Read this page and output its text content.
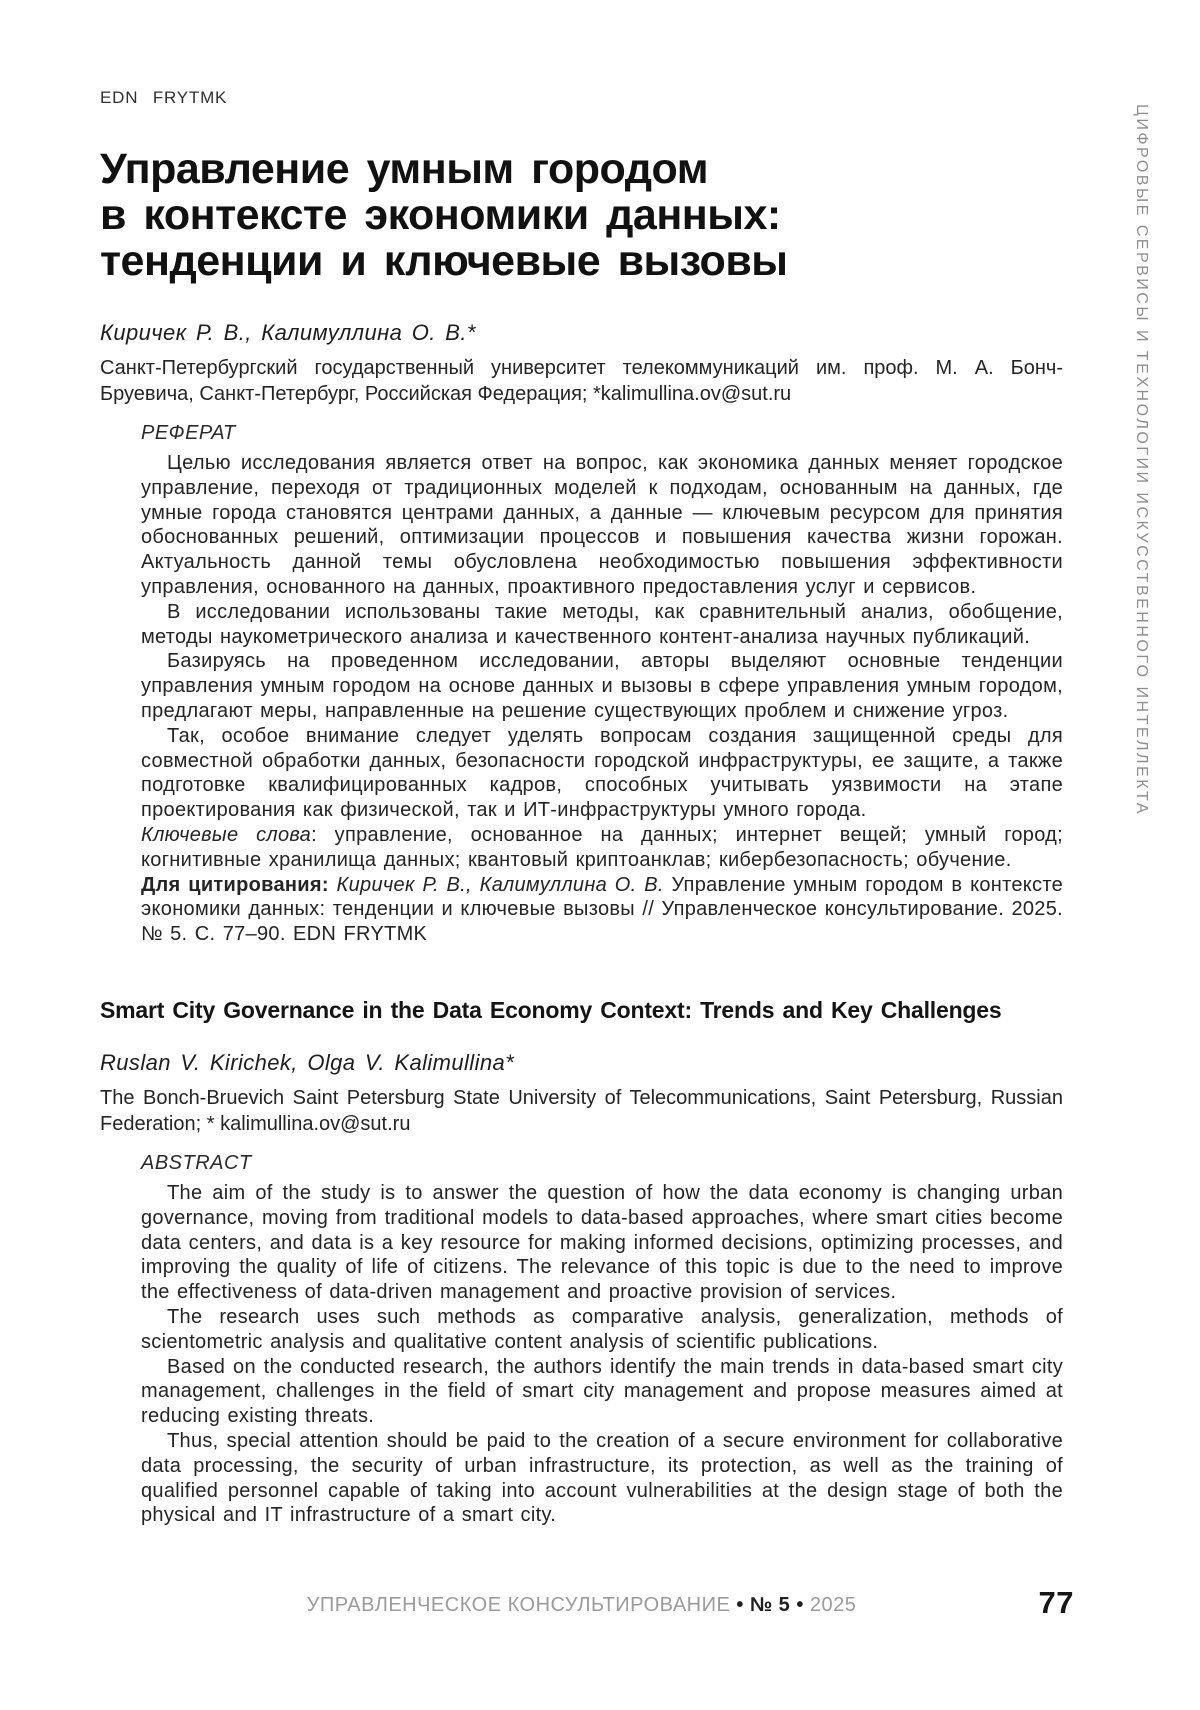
EDN FRYTMK
Управление умным городом
в контексте экономики данных:
тенденции и ключевые вызовы
Киричек Р. В., Калимуллина О. В.*

Санкт-Петербургский государственный университет телекоммуникаций им. проф. М. А. Бонч-Бруевича, Санкт-Петербург, Российская Федерация; *kalimullina.ov@sut.ru

РЕФЕРАТ

Целью исследования является ответ на вопрос, как экономика данных меняет городское управление, переходя от традиционных моделей к подходам, основанным на данных, где умные города становятся центрами данных, а данные — ключевым ресурсом для принятия обоснованных решений, оптимизации процессов и повышения качества жизни горожан. Актуальность данной темы обусловлена необходимостью повышения эффективности управления, основанного на данных, проактивного предоставления услуг и сервисов.

В исследовании использованы такие методы, как сравнительный анализ, обобщение, методы наукометрического анализа и качественного контент-анализа научных публикаций.

Базируясь на проведенном исследовании, авторы выделяют основные тенденции управления умным городом на основе данных и вызовы в сфере управления умным городом, предлагают меры, направленные на решение существующих проблем и снижение угроз.

Так, особое внимание следует уделять вопросам создания защищенной среды для совместной обработки данных, безопасности городской инфраструктуры, ее защите, а также подготовке квалифицированных кадров, способных учитывать уязвимости на этапе проектирования как физической, так и ИТ-инфраструктуры умного города.

Ключевые слова: управление, основанное на данных; интернет вещей; умный город; когнитивные хранилища данных; квантовый криптоанклав; кибербезопасность; обучение.

Для цитирования: Киричек Р. В., Калимуллина О. В. Управление умным городом в контексте экономики данных: тенденции и ключевые вызовы // Управленческое консультирование. 2025. № 5. С. 77–90. EDN FRYTMK

Smart City Governance in the Data Economy Context: Trends and Key Challenges
Ruslan V. Kirichek, Olga V. Kalimullina*

The Bonch-Bruevich Saint Petersburg State University of Telecommunications, Saint Petersburg, Russian Federation; * kalimullina.ov@sut.ru

ABSTRACT

The aim of the study is to answer the question of how the data economy is changing urban governance, moving from traditional models to data-based approaches, where smart cities become data centers, and data is a key resource for making informed decisions, optimizing processes, and improving the quality of life of citizens. The relevance of this topic is due to the need to improve the effectiveness of data-driven management and proactive provision of services.

The research uses such methods as comparative analysis, generalization, methods of scientometric analysis and qualitative content analysis of scientific publications.

Based on the conducted research, the authors identify the main trends in data-based smart city management, challenges in the field of smart city management and propose measures aimed at reducing existing threats.

Thus, special attention should be paid to the creation of a secure environment for collaborative data processing, the security of urban infrastructure, its protection, as well as the training of qualified personnel capable of taking into account vulnerabilities at the design stage of both the physical and IT infrastructure of a smart city.

ЦИФРОВЫЕ СЕРВИСЫ И ТЕХНОЛОГИИ ИСКУССТВЕННОГО ИНТЕЛЛЕКТА
УПРАВЛЕНЧЕСКОЕ КОНСУЛЬТИРОВАНИЕ • № 5 • 2025	77
